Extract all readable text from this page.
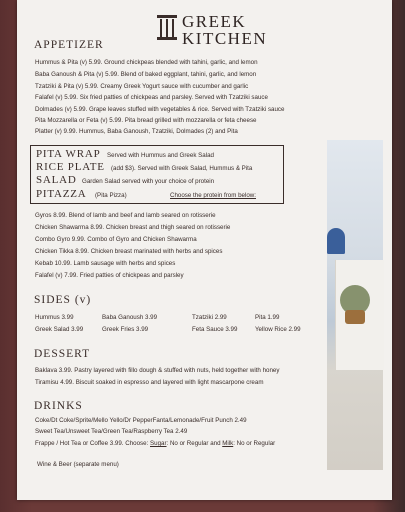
GREEK
KITCHEN
APPETIZER
Hummus & Pita (v) 5.99. Ground chickpeas blended with tahini, garlic, and lemon
Baba Ganoush & Pita (v) 5.99. Blend of baked eggplant, tahini, garlic, and lemon
Tzatziki & Pita (v) 5.99. Creamy Greek Yogurt sauce with cucumber and garlic
Falafel (v) 5.99. Six fried patties of chickpeas and parsley. Served with Tzatziki sauce
Dolmades (v) 5.99. Grape leaves stuffed with vegetables & rice. Served with Tzatziki sauce
Pita Mozzarella or Feta (v) 5.99. Pita bread grilled with mozzarella or feta cheese
Platter (v) 9.99. Hummus, Baba Ganoush, Tzatziki, Dolmades (2) and Pita
PITA WRAP Served with Hummus and Greek Salad
RICE PLATE (add $3). Served with Greek Salad, Hummus & Pita
SALAD Garden Salad served with your choice of protein
PITAZZA (Pita Pizza)	Choose the protein from below:
Gyros 8.99. Blend of lamb and beef and lamb seared on rotisserie
Chicken Shawarma 8.99. Chicken breast and thigh seared on rotisserie
Combo Gyro 9.99. Combo of Gyro and Chicken Shawarma
Chicken Tikka 8.99. Chicken breast marinated with herbs and spices
Kebab 10.99. Lamb sausage with herbs and spices
Falafel (v) 7.99. Fried patties of chickpeas and parsley
SIDES (v)
Hummus 3.99	Baba Ganoush 3.99	Tzatziki 2.99	Pita 1.99
Greek Salad 3.99	Greek Fries 3.99	Feta Sauce 3.99	Yellow Rice 2.99
DESSERT
Baklava 3.99. Pastry layered with fillo dough & stuffed with nuts, held together with honey
Tiramisu 4.99. Biscuit soaked in espresso and layered with light mascarpone cream
DRINKS
Coke/Dt Coke/Sprite/Mello Yello/Dr PepperFanta/Lemonade/Fruit Punch 2.49
Sweet Tea/Unsweet Tea/Green Tea/Raspberry Tea 2.49
Frappe / Hot Tea or Coffee 3.99. Choose: Sugar: No or Regular and Milk: No or Regular
Wine & Beer (separate menu)
